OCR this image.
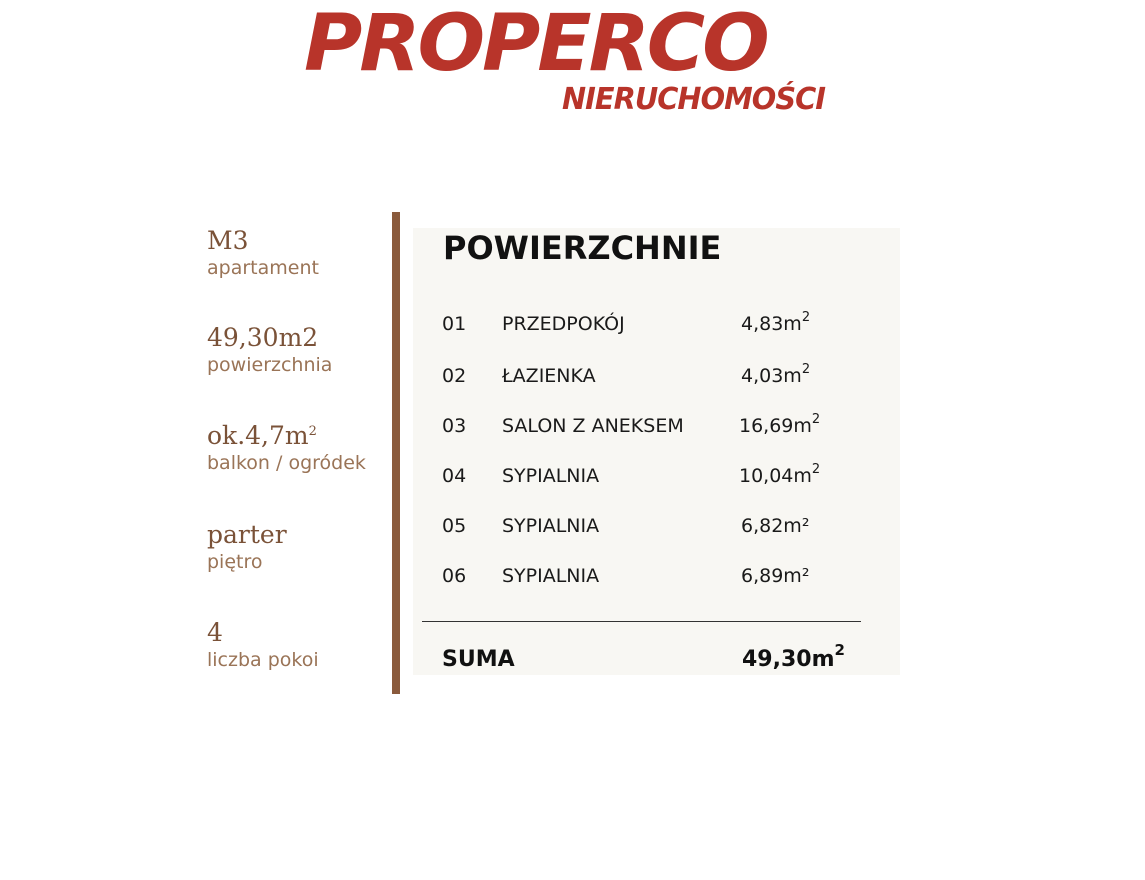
PROPERCO
NIERUCHOMOŚCI
M3
apartament
49,30m2
powierzchnia
$ok.4,7m^2$
balkon / ogródek
parter
piętro
4
liczba pokoi
POWIERZCHNIE
01 PRZEDPOKÓJ	$4,83m^2$
02 ŁAZIENKA	$4,03m^2$
03 SALON Z ANEKSEM	$16,69m^2$
04 SYPIALNIA	$10,04m^2$
05 SYPIALNIA	6,82m²
06 SYPIALNIA	6,89m²
SUMA	$49,30m^2$
